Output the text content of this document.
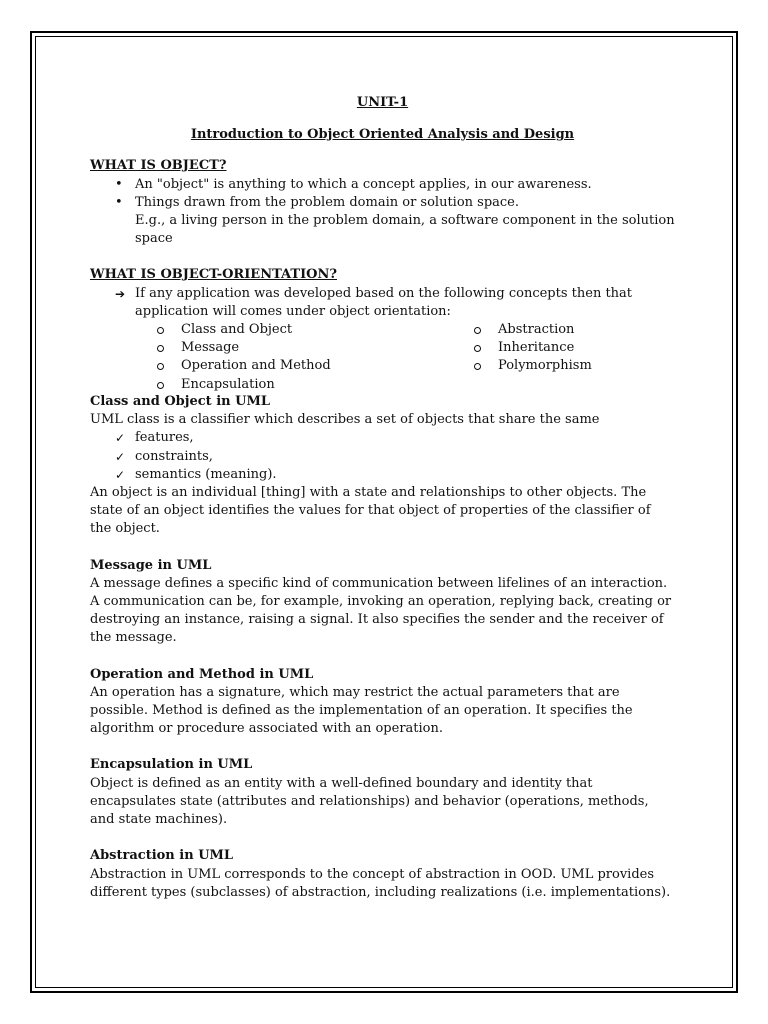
UNIT-1
Introduction to Object Oriented Analysis and Design
WHAT IS OBJECT?
• An "object" is anything to which a concept applies, in our awareness.
• Things drawn from the problem domain or solution space.
E.g., a living person in the problem domain, a software component in the solution space
WHAT IS OBJECT-ORIENTATION?
➔ If any application was developed based on the following concepts then that application will comes under object orientation:
Class and Object
Message
Operation and Method
Encapsulation
Abstraction
Inheritance
Polymorphism
Class and Object in UML

UML class is a classifier which describes a set of objects that share the same

✓ features,
✓ constraints,
✓ semantics (meaning).

An object is an individual [thing] with a state and relationships to other objects. The state of an object identifies the values for that object of properties of the classifier of the object.

Message in UML

A message defines a specific kind of communication between lifelines of an interaction. A communication can be, for example, invoking an operation, replying back, creating or destroying an instance, raising a signal. It also specifies the sender and the receiver of the message.

Operation and Method in UML

An operation has a signature, which may restrict the actual parameters that are possible. Method is defined as the implementation of an operation. It specifies the algorithm or procedure associated with an operation.

Encapsulation in UML

Object is defined as an entity with a well-defined boundary and identity that encapsulates state (attributes and relationships) and behavior (operations, methods, and state machines).

Abstraction in UML

Abstraction in UML corresponds to the concept of abstraction in OOD. UML provides different types (subclasses) of abstraction, including realizations (i.e. implementations).
